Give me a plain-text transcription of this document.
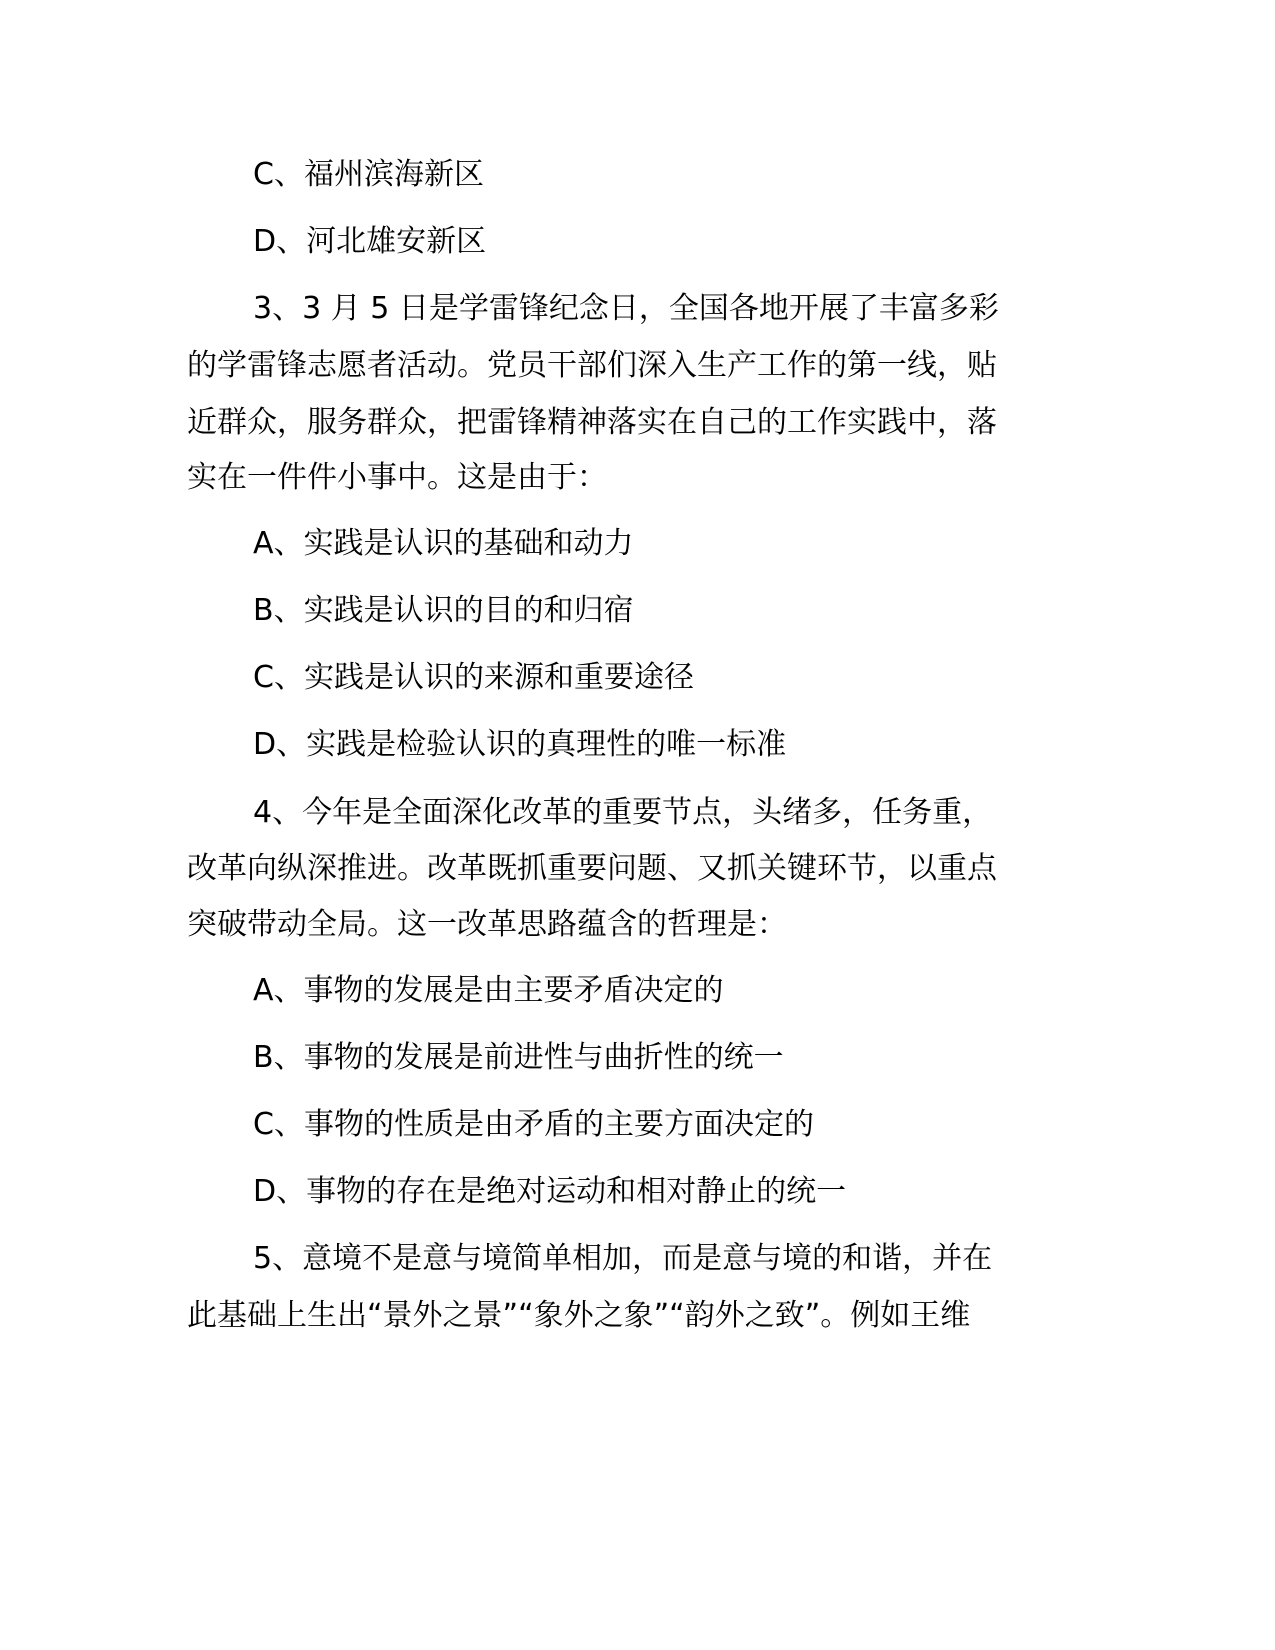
C、福州滨海新区
D、河北雄安新区
3、3 月 5 日是学雷锋纪念日，全国各地开展了丰富多彩
的学雷锋志愿者活动。党员干部们深入生产工作的第一线，贴
近群众，服务群众，把雷锋精神落实在自己的工作实践中，落
实在一件件小事中。这是由于：
A、实践是认识的基础和动力
B、实践是认识的目的和归宿
C、实践是认识的来源和重要途径
D、实践是检验认识的真理性的唯一标准
4、今年是全面深化改革的重要节点，头绪多，任务重，
改革向纵深推进。改革既抓重要问题、又抓关键环节，以重点
突破带动全局。这一改革思路蕴含的哲理是：
A、事物的发展是由主要矛盾决定的
B、事物的发展是前进性与曲折性的统一
C、事物的性质是由矛盾的主要方面决定的
D、事物的存在是绝对运动和相对静止的统一
5、意境不是意与境简单相加，而是意与境的和谐，并在
此基础上生出“景外之景”“象外之象”“韵外之致”。例如王维
